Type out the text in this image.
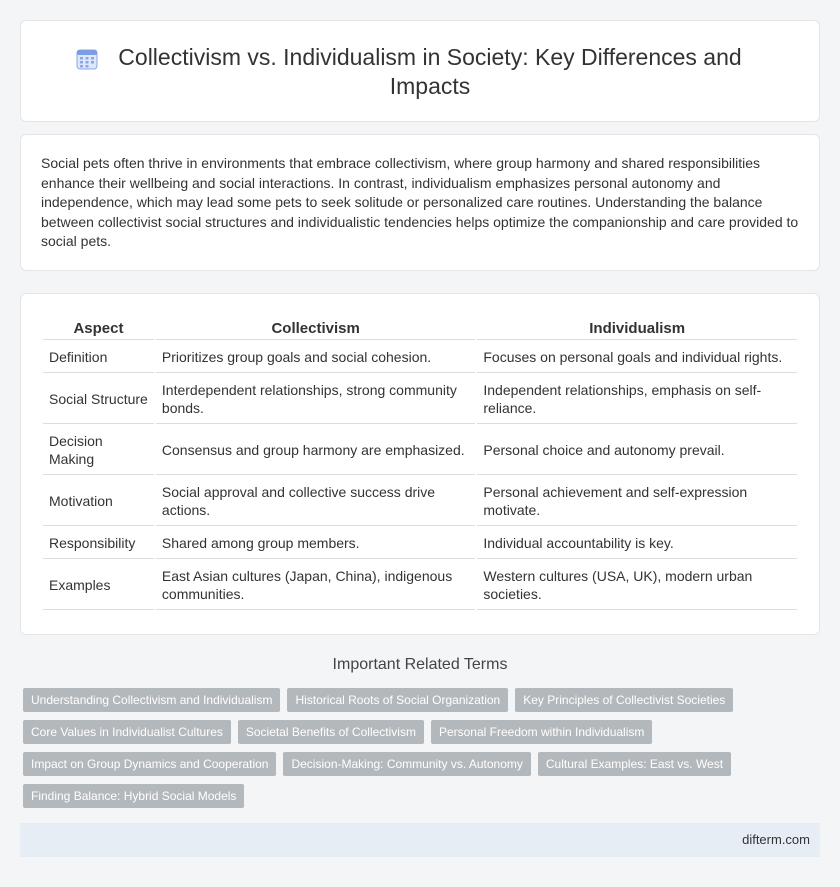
Collectivism vs. Individualism in Society: Key Differences and Impacts

Social pets often thrive in environments that embrace collectivism, where group harmony and shared responsibilities enhance their wellbeing and social interactions. In contrast, individualism emphasizes personal autonomy and independence, which may lead some pets to seek solitude or personalized care routines. Understanding the balance between collectivist social structures and individualistic tendencies helps optimize the companionship and care provided to social pets.

Aspect	Collectivism	Individualism
Definition	Prioritizes group goals and social cohesion.	Focuses on personal goals and individual rights.
Social Structure	Interdependent relationships, strong community bonds.	Independent relationships, emphasis on self-reliance.
Decision Making	Consensus and group harmony are emphasized.	Personal choice and autonomy prevail.
Motivation	Social approval and collective success drive actions.	Personal achievement and self-expression motivate.
Responsibility	Shared among group members.	Individual accountability is key.
Examples	East Asian cultures (Japan, China), indigenous communities.	Western cultures (USA, UK), modern urban societies.
Important Related Terms
Understanding Collectivism and Individualism Historical Roots of Social Organization Key Principles of Collectivist Societies
Core Values in Individualist Cultures Societal Benefits of Collectivism Personal Freedom within Individualism
Impact on Group Dynamics and Cooperation Decision-Making: Community vs. Autonomy Cultural Examples: East vs. West
Finding Balance: Hybrid Social Models
difterm.com
